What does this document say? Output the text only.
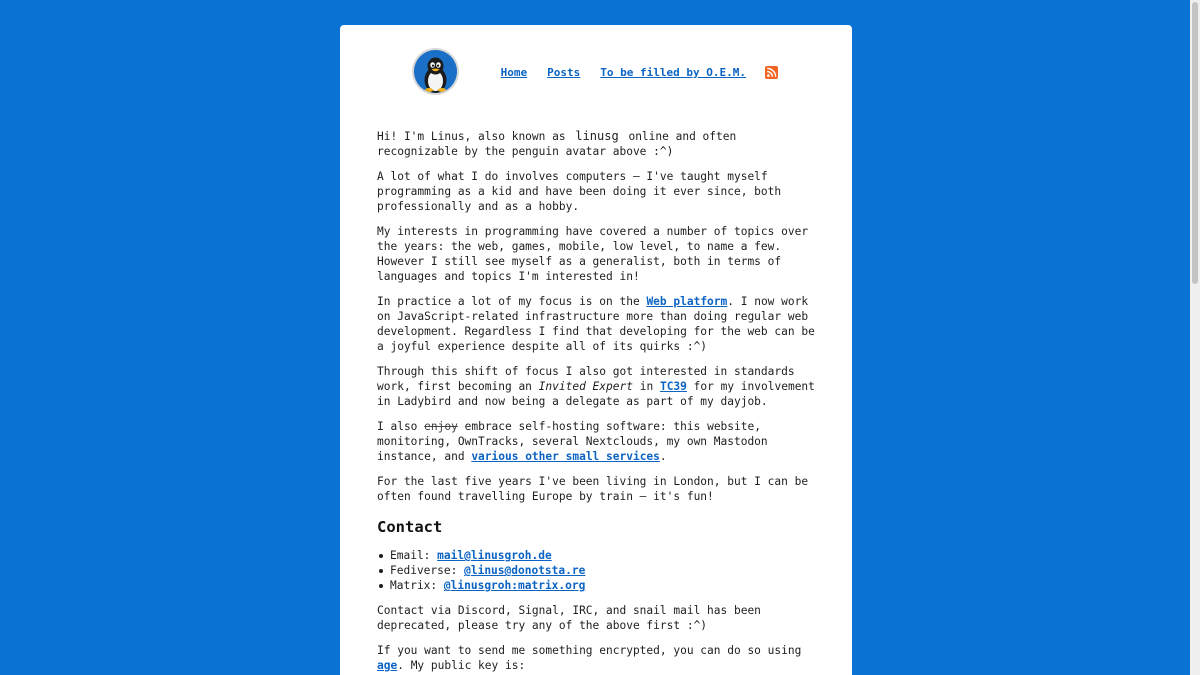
Home Posts To be filled by O.E.M.

Hi! I'm Linus, also known as linusg online and often recognizable by the penguin avatar above :^)

A lot of what I do involves computers — I've taught myself programming as a kid and have been doing it ever since, both professionally and as a hobby.

My interests in programming have covered a number of topics over the years: the web, games, mobile, low level, to name a few. However I still see myself as a generalist, both in terms of languages and topics I'm interested in!

In practice a lot of my focus is on the Web platform. I now work on JavaScript-related infrastructure more than doing regular web development. Regardless I find that developing for the web can be a joyful experience despite all of its quirks :^)

Through this shift of focus I also got interested in standards work, first becoming an Invited Expert in TC39 for my involvement in Ladybird and now being a delegate as part of my dayjob.

I also enjoy embrace self-hosting software: this website, monitoring, OwnTracks, several Nextclouds, my own Mastodon instance, and various other small services.

For the last five years I've been living in London, but I can be often found travelling Europe by train — it's fun!

Contact
Email: mail@linusgroh.de
Fediverse: @linus@donotsta.re
Matrix: @linusgroh:matrix.org

Contact via Discord, Signal, IRC, and snail mail has been deprecated, please try any of the above first :^)

If you want to send me something encrypted, you can do so using age. My public key is:
